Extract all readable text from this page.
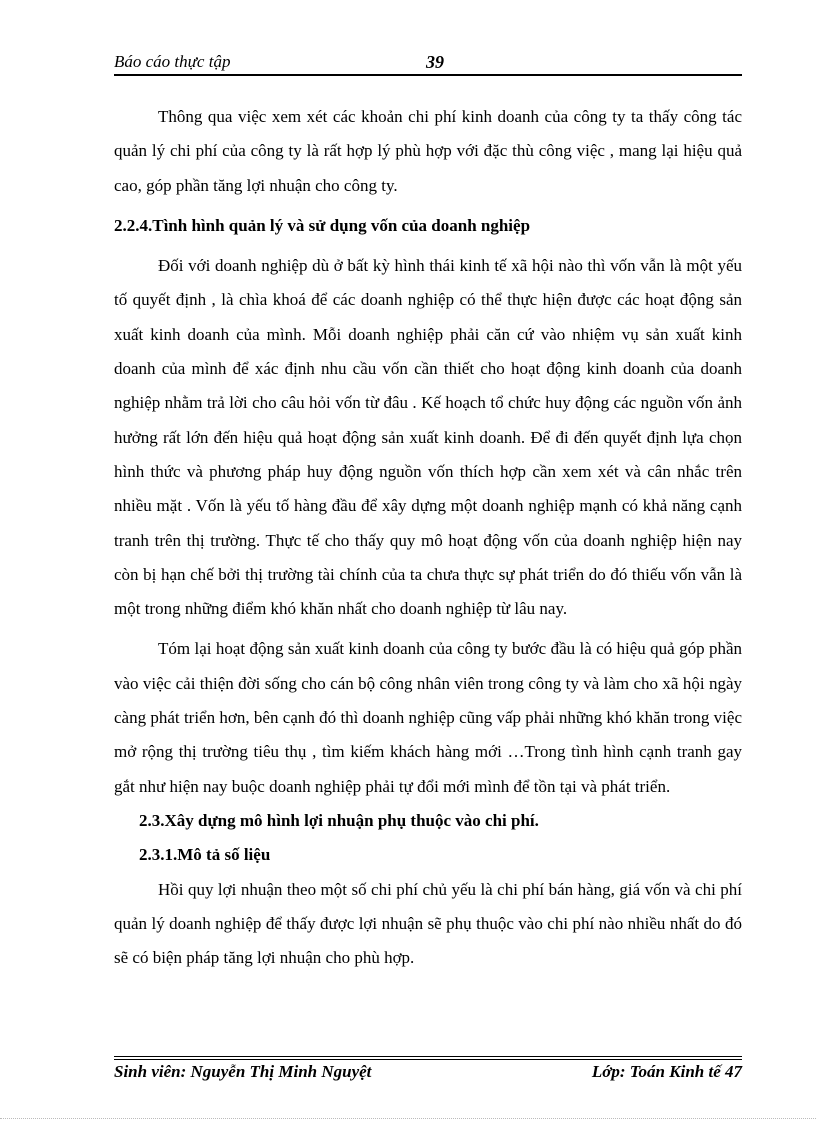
Báo cáo thực tập	39

Thông qua việc xem xét các khoản chi phí kinh doanh của công ty ta thấy công tác quản lý chi phí của công ty là rất hợp lý phù hợp với đặc thù công việc , mang lại hiệu quả cao, góp phần tăng lợi nhuận cho công ty.

2.2.4.Tình hình quản lý và sử dụng vốn của doanh nghiệp

Đối với doanh nghiệp dù ở bất kỳ hình thái kinh tế xã hội nào thì vốn vẫn là một yếu tố quyết định , là chìa khoá để các doanh nghiệp có thể thực hiện được các hoạt động sản xuất kinh doanh của mình. Mỗi doanh nghiệp phải căn cứ vào nhiệm vụ sản xuất kinh doanh của mình để xác định nhu cầu vốn cần thiết cho hoạt động kinh doanh của doanh nghiệp nhằm trả lời cho câu hỏi vốn từ đâu . Kế hoạch tổ chức huy động các nguồn vốn ảnh hưởng rất lớn đến hiệu quả hoạt động sản xuất kinh doanh. Để đi đến quyết định lựa chọn hình thức và phương pháp huy động nguồn vốn thích hợp cần xem xét và cân nhắc trên nhiều mặt . Vốn là yếu tố hàng đầu để xây dựng một doanh nghiệp mạnh có khả năng cạnh tranh trên thị trường. Thực tế cho thấy quy mô hoạt động vốn của doanh nghiệp hiện nay còn bị hạn chế bởi thị trường tài chính của ta chưa thực sự phát triển do đó thiếu vốn vẫn là một trong những điểm khó khăn nhất cho doanh nghiệp từ lâu nay.

Tóm lại hoạt động sản xuất kinh doanh của công ty bước đầu là có hiệu quả góp phần vào việc cải thiện đời sống cho cán bộ công nhân viên trong công ty và làm cho xã hội ngày càng phát triển hơn, bên cạnh đó thì doanh nghiệp cũng vấp phải những khó khăn trong việc mở rộng thị trường tiêu thụ , tìm kiếm khách hàng mới …Trong tình hình cạnh tranh gay gắt như hiện nay buộc doanh nghiệp phải tự đổi mới mình để tồn tại và phát triển.

2.3.Xây dựng mô hình lợi nhuận phụ thuộc vào chi phí.

2.3.1.Mô tả số liệu

Hồi quy lợi nhuận theo một số chi phí chủ yếu là chi phí bán hàng, giá vốn và chi phí quản lý doanh nghiệp để thấy được lợi nhuận sẽ phụ thuộc vào chi phí nào nhiều nhất do đó sẽ có biện pháp tăng lợi nhuận cho phù hợp.

Sinh viên: Nguyễn Thị Minh Nguyệt	Lớp: Toán Kinh tế 47
